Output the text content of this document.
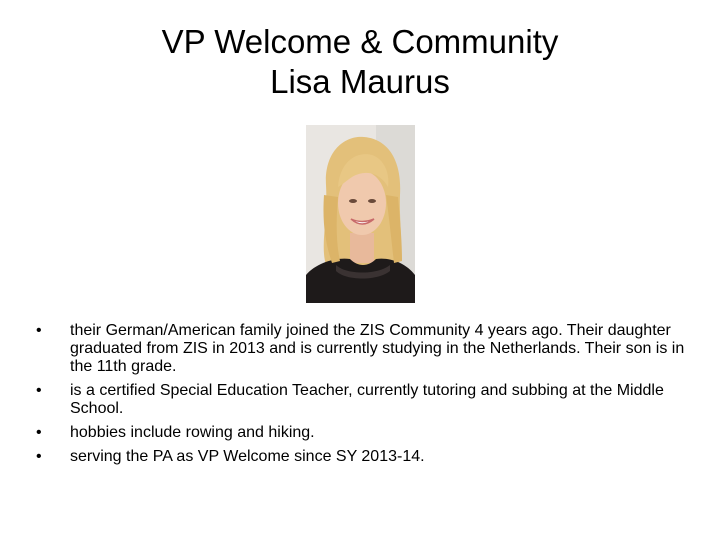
VP Welcome & Community
Lisa Maurus
•	their German/American family joined the ZIS Community 4 years ago. Their daughter graduated from ZIS in 2013 and is currently studying in the Netherlands. Their son is in the 11th grade.
•	is a certified Special Education Teacher, currently tutoring and subbing at the Middle School.
•	hobbies include rowing and hiking.
•	serving the PA as VP Welcome since SY 2013-14.
